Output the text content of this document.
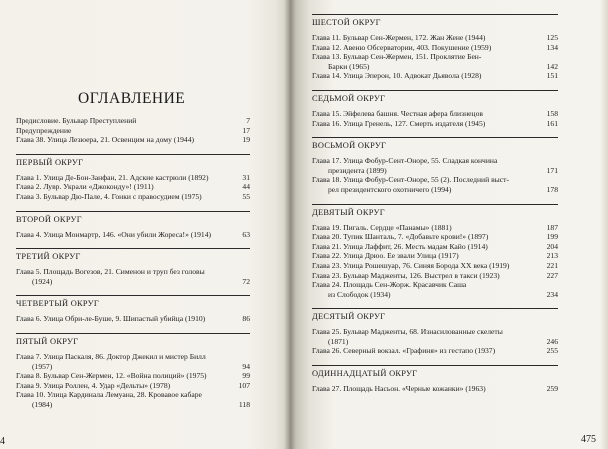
ОГЛАВЛЕНИЕ
Предисловие. Бульвар Преступлений	7
Предупреждение	17
Глава 38. Улица Лезюера, 21. Освенцим на дому (1944)	19
ПЕРВЫЙ ОКРУГ
Глава 1. Улица Де-Бон-Занфан, 21. Адские кастрюли (1892)	31
Глава 2. Лувр. Украли «Джоконду»! (1911)	44
Глава 3. Бульвар Дю-Пале, 4. Гонки с правосудием (1975)	55
ВТОРОЙ ОКРУГ
Глава 4. Улица Монмартр, 146. «Они убили Жореса!» (1914)	63
ТРЕТИЙ ОКРУГ
Глава 5. Площадь Вогезов, 21. Сименон и труп без головы
(1924)	72
ЧЕТВЕРТЫЙ ОКРУГ
Глава 6. Улица Обри-ле-Буше, 9. Шипастый убийца (1910)	86
ПЯТЫЙ ОКРУГ
Глава 7. Улица Паскаля, 86. Доктор Джекил и мистер Билл
(1957)	94
Глава 8. Бульвар Сен-Жермен, 12. «Война полиций» (1975)	99
Глава 9. Улица Роллен, 4. Удар «Дельты» (1978)	107
Глава 10. Улица Кардинала Лемуана, 28. Кровавое кабаре
(1984)	118
4
ШЕСТОЙ ОКРУГ
Глава 11. Бульвар Сен-Жермен, 172. Жан Жене (1944)	125
Глава 12. Авеню Обсерватории, 403. Покушение (1959)	134
Глава 13. Бульвар Сен-Жермен, 151. Проклятие Бен-
Барки (1965)	142
Глава 14. Улица Эперон, 10. Адвокат Дьявола (1928)	151
СЕДЬМОЙ ОКРУГ
Глава 15. Эйфелева башня. Честная афера близнецов	158
Глава 16. Улица Гренель, 127. Смерть издателя (1945)	161
ВОСЬМОЙ ОКРУГ
Глава 17. Улица Фобур-Сент-Оноре, 55. Сладкая кончина
президента (1899)	171
Глава 18. Улица Фобур-Сент-Оноре, 55 (2). Последний выст-
рел президентского охотничего (1994)	178
ДЕВЯТЫЙ ОКРУГ
Глава 19. Пигаль. Сердце «Панамы» (1881)	187
Глава 20. Тупик Шанталь, 7. «Добавьте крови!» (1897)	199
Глава 21. Улица Лаффит, 26. Месть мадам Кайо (1914)	204
Глава 22. Улица Дрюо. Ее звали Улица (1917)	213
Глава 23. Улица Рошешуар, 76. Синяя Борода XX века (1919)	221
Глава 23. Бульвар Мадженты, 126. Выстрел в такси (1923)	227
Глава 24. Площадь Сен-Жорж. Красавчик Саша
из Слободок (1934)	234
ДЕСЯТЫЙ ОКРУГ
Глава 25. Бульвар Мадженты, 68. Изнасилованные скелеты
(1871)	246
Глава 26. Северный вокзал. «Графиня» из гестапо (1937)	255
ОДИННАДЦАТЫЙ ОКРУГ
Глава 27. Площадь Насьон. «Черные кожанки» (1963)	259
475
